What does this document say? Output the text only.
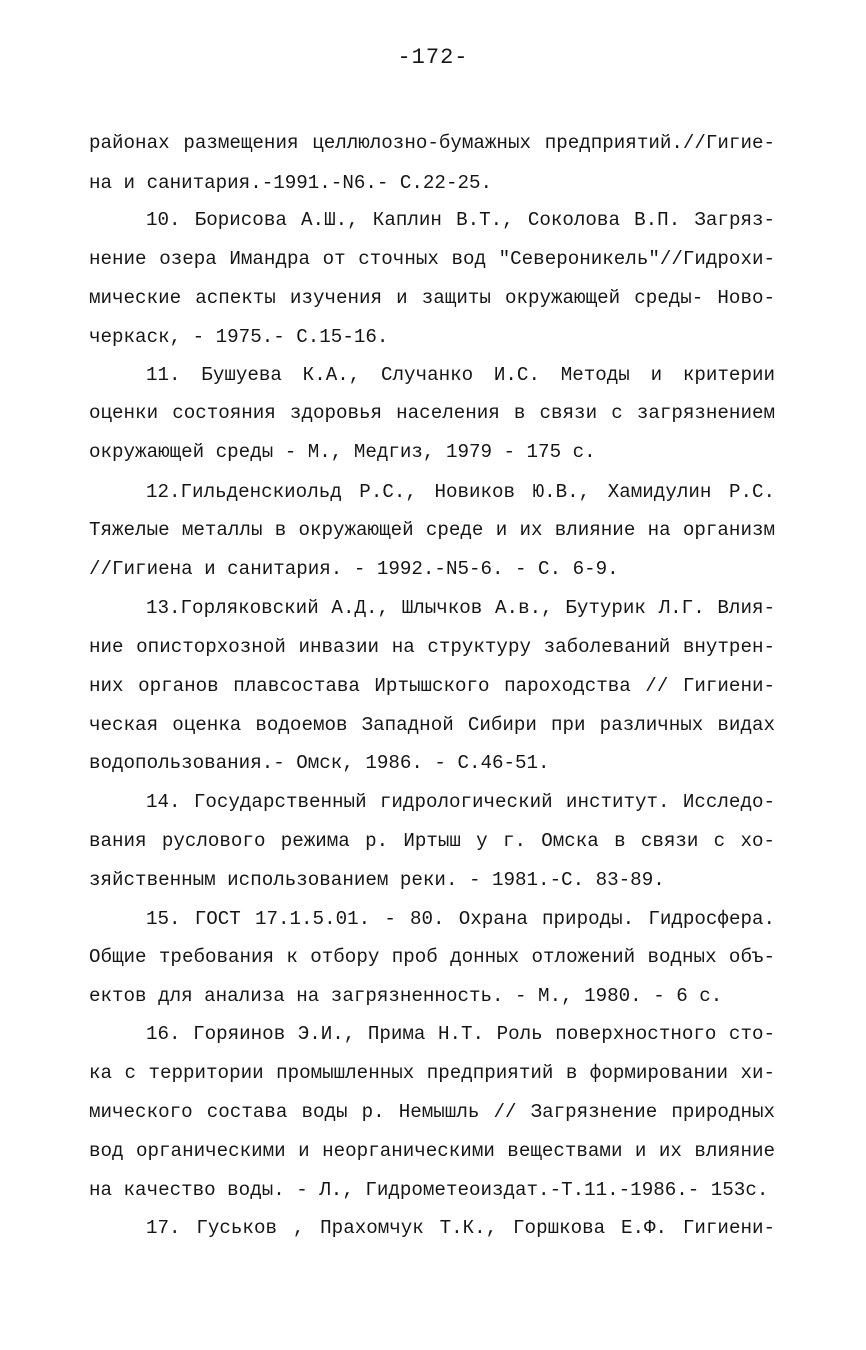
-172-
районах размещения целлюлозно-бумажных предприятий.//Гигие-
на и санитария.-1991.-N6.- С.22-25.
10. Борисова А.Ш., Каплин В.Т., Соколова В.П. Загряз-
нение озера Имандра от сточных вод "Североникель"//Гидрохи-
мические аспекты изучения и защиты окружающей среды- Ново-
черкаск, - 1975.- С.15-16.
11. Бушуева К.А., Случанко И.С. Методы и критерии
оценки состояния здоровья населения в связи с загрязнением
окружающей среды - М., Медгиз, 1979 - 175 с.
12.Гильденскиольд Р.С., Новиков Ю.В., Хамидулин Р.С.
Тяжелые металлы в окружающей среде и их влияние на организм
//Гигиена и санитария. - 1992.-N5-6. - С. 6-9.
13.Горляковский А.Д., Шлычков А.в., Бутурик Л.Г. Влия-
ние описторхозной инвазии на структуру заболеваний внутрен-
них органов плавсостава Иртышского пароходства // Гигиени-
ческая оценка водоемов Западной Сибири при различных видах
водопользования.- Омск, 1986. - С.46-51.
14. Государственный гидрологический институт. Исследо-
вания руслового режима р. Иртыш у г. Омска в связи с хо-
зяйственным использованием реки. - 1981.-С. 83-89.
15. ГОСТ 17.1.5.01. - 80. Охрана природы. Гидросфера.
Общие требования к отбору проб донных отложений водных объ-
ектов для анализа на загрязненность. - М., 1980. - 6 с.
16. Горяинов Э.И., Прима Н.Т. Роль поверхностного сто-
ка с территории промышленных предприятий в формировании хи-
мического состава воды р. Немышль // Загрязнение природных
вод органическими и неорганическими веществами и их влияние
на качество воды. - Л., Гидрометеоиздат.-Т.11.-1986.- 153с.
17. Гуськов , Прахомчук Т.К., Горшкова Е.Ф. Гигиени-
